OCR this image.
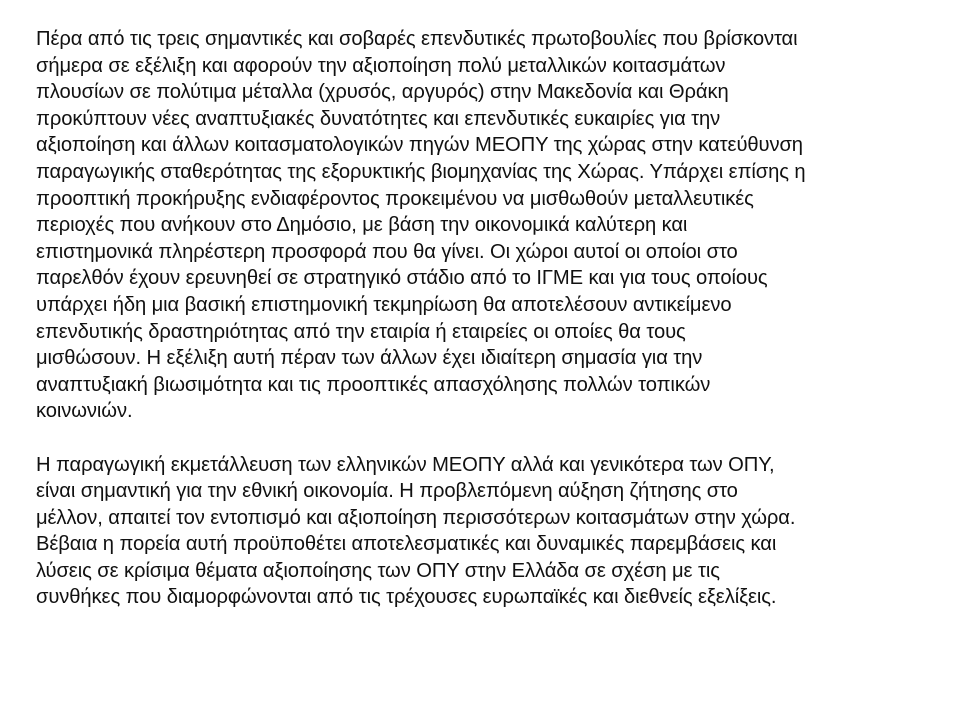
Πέρα από τις τρεις σημαντικές και σοβαρές επενδυτικές πρωτοβουλίες που βρίσκονται
σήμερα σε εξέλιξη και αφορούν την αξιοποίηση πολύ μεταλλικών κοιτασμάτων
πλουσίων σε πολύτιμα μέταλλα (χρυσός, αργυρός) στην Μακεδονία και Θράκη
προκύπτουν νέες αναπτυξιακές δυνατότητες και επενδυτικές ευκαιρίες για την
αξιοποίηση και άλλων κοιτασματολογικών πηγών ΜΕΟΠΥ της χώρας στην κατεύθυνση
παραγωγικής σταθερότητας της εξορυκτικής βιομηχανίας της Χώρας. Υπάρχει επίσης η
προοπτική προκήρυξης ενδιαφέροντος προκειμένου να μισθωθούν μεταλλευτικές
περιοχές που ανήκουν στο Δημόσιο, με βάση την οικονομικά καλύτερη και
επιστημονικά πληρέστερη προσφορά που θα γίνει. Οι χώροι αυτοί οι οποίοι στο
παρελθόν έχουν ερευνηθεί σε στρατηγικό στάδιο από το ΙΓΜΕ και για τους οποίους
υπάρχει ήδη μια βασική επιστημονική τεκμηρίωση θα αποτελέσουν αντικείμενο
επενδυτικής δραστηριότητας από την εταιρία ή εταιρείες οι οποίες θα τους
μισθώσουν. Η εξέλιξη αυτή πέραν των άλλων έχει ιδιαίτερη σημασία για την
αναπτυξιακή βιωσιμότητα και τις προοπτικές απασχόλησης πολλών τοπικών
κοινωνιών.
Η παραγωγική εκμετάλλευση των ελληνικών ΜΕΟΠΥ αλλά και γενικότερα των ΟΠΥ,
είναι σημαντική για την εθνική οικονομία. Η προβλεπόμενη αύξηση ζήτησης στο
μέλλον, απαιτεί τον εντοπισμό και αξιοποίηση περισσότερων κοιτασμάτων στην χώρα.
Βέβαια η πορεία αυτή προϋποθέτει αποτελεσματικές και δυναμικές παρεμβάσεις και
λύσεις σε κρίσιμα θέματα αξιοποίησης των ΟΠΥ στην Ελλάδα σε σχέση με τις
συνθήκες που διαμορφώνονται από τις τρέχουσες ευρωπαϊκές και διεθνείς εξελίξεις.
